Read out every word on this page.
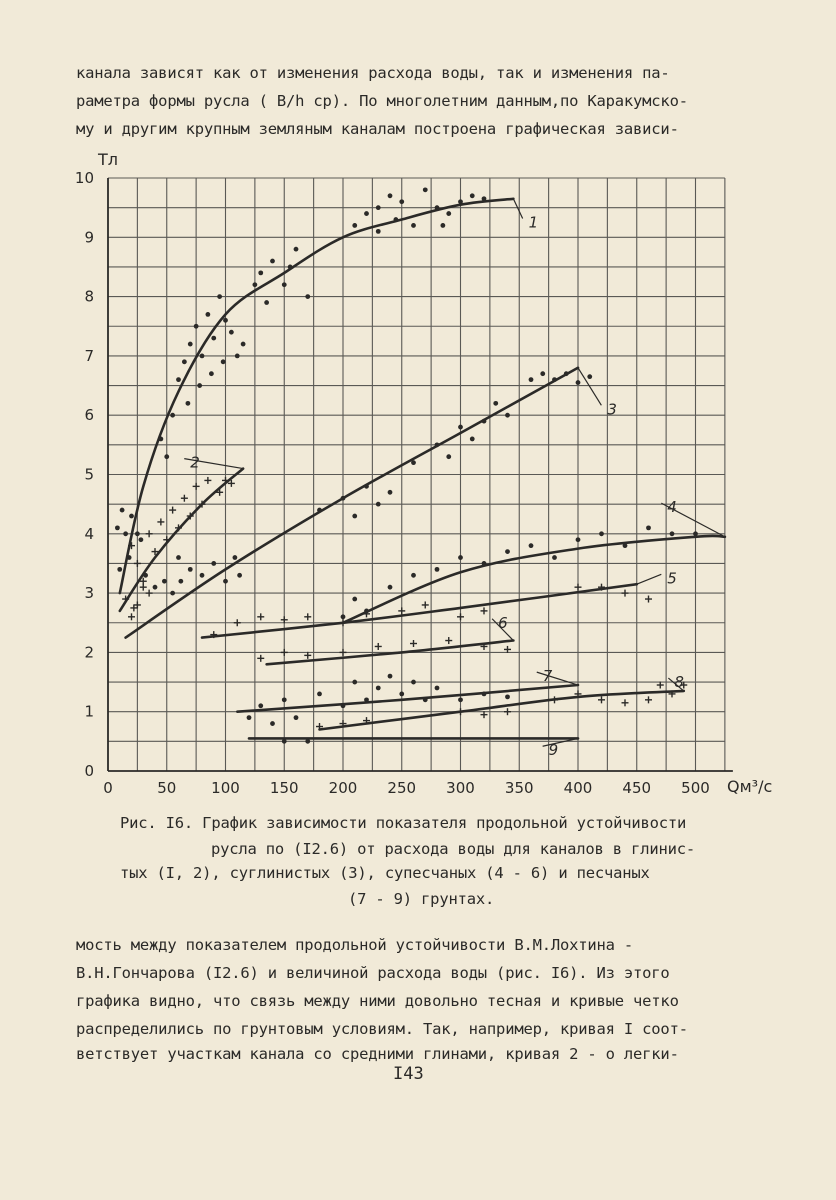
канала зависят как от изменения расхода воды, так и изменения па-
раметра формы русла ( B/h ср). По многолетним данным,по Каракумско-
му и другим крупным земляным каналам построена графическая зависи-
0	50 100 150 200 250 300 350 400 450 500
0
1
2
3
4
5
6
7
8
9
10
1
2
3
4
5
6
7	8
9
Тл
Qм³/с
Рис. I6. График зависимости показателя продольной устойчивости
русла по (I2.6) от расхода воды для каналов в глинис-
тых (I, 2), суглинистых (3), супесчаных (4 - 6) и песчаных
(7 - 9) грунтах.
мость между показателем продольной устойчивости В.М.Лохтина -
В.Н.Гончарова (I2.6) и величиной расхода воды (рис. I6). Из этого
графика видно, что связь между ними довольно тесная и кривые четко
распределились по грунтовым условиям. Так, например, кривая I соот-
ветствует участкам канала со средними глинами, кривая 2 - о легки-
I43
